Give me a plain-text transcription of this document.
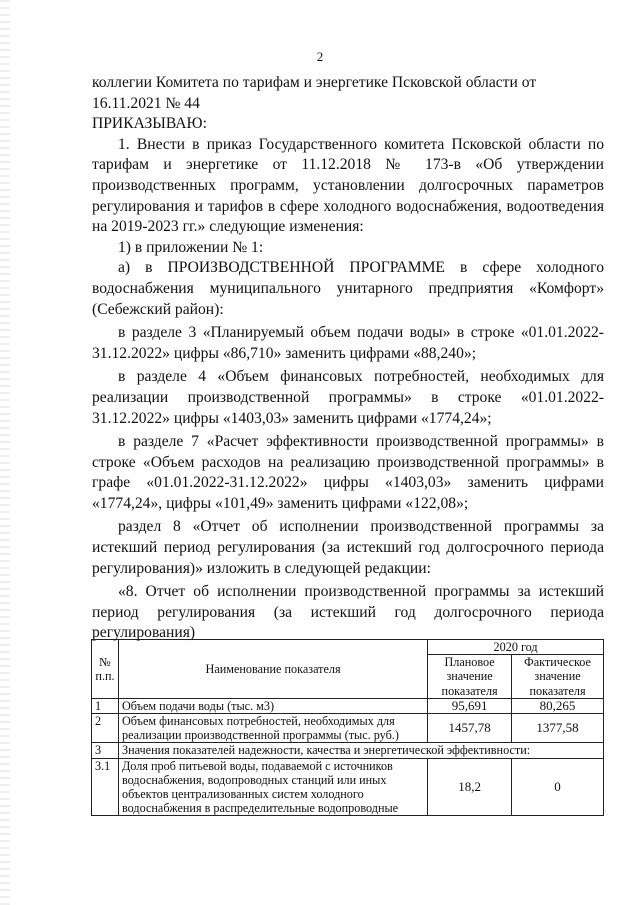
2

коллегии Комитета по тарифам и энергетике Псковской области от 16.11.2021 № 44

ПРИКАЗЫВАЮ:

1. Внести в приказ Государственного комитета Псковской области по тарифам и энергетике от 11.12.2018 № 173-в «Об утверждении производственных программ, установлении долгосрочных параметров регулирования и тарифов в сфере холодного водоснабжения, водоотведения на 2019-2023 гг.» следующие изменения:

1) в приложении № 1:

а) в ПРОИЗВОДСТВЕННОЙ ПРОГРАММЕ в сфере холодного водоснабжения муниципального унитарного предприятия «Комфорт» (Себежский район):

в разделе 3 «Планируемый объем подачи воды» в строке «01.01.2022-31.12.2022» цифры «86,710» заменить цифрами «88,240»;

в разделе 4 «Объем финансовых потребностей, необходимых для реализации производственной программы» в строке «01.01.2022-31.12.2022» цифры «1403,03» заменить цифрами «1774,24»;

в разделе 7 «Расчет эффективности производственной программы» в строке «Объем расходов на реализацию производственной программы» в графе «01.01.2022-31.12.2022» цифры «1403,03» заменить цифрами «1774,24», цифры «101,49» заменить цифрами «122,08»;

раздел 8 «Отчет об исполнении производственной программы за истекший период регулирования (за истекший год долгосрочного периода регулирования)» изложить в следующей редакции:

«8. Отчет об исполнении производственной программы за истекший период регулирования (за истекший год долгосрочного периода регулирования)

№ п.п.	Наименование показателя	2020 год	
		Плановое значение показателя	Фактическое значение показателя
1	Объем подачи воды (тыс. м3)	95,691	80,265
2	Объем финансовых потребностей, необходимых для реализации производственной программы (тыс. руб.)	1457,78	1377,58
3	Значения показателей надежности, качества и энергетической эффективности:		
3.1	Доля проб питьевой воды, подаваемой с источников водоснабжения, водопроводных станций или иных объектов централизованных систем холодного водоснабжения в распределительные водопроводные	18,2	0
